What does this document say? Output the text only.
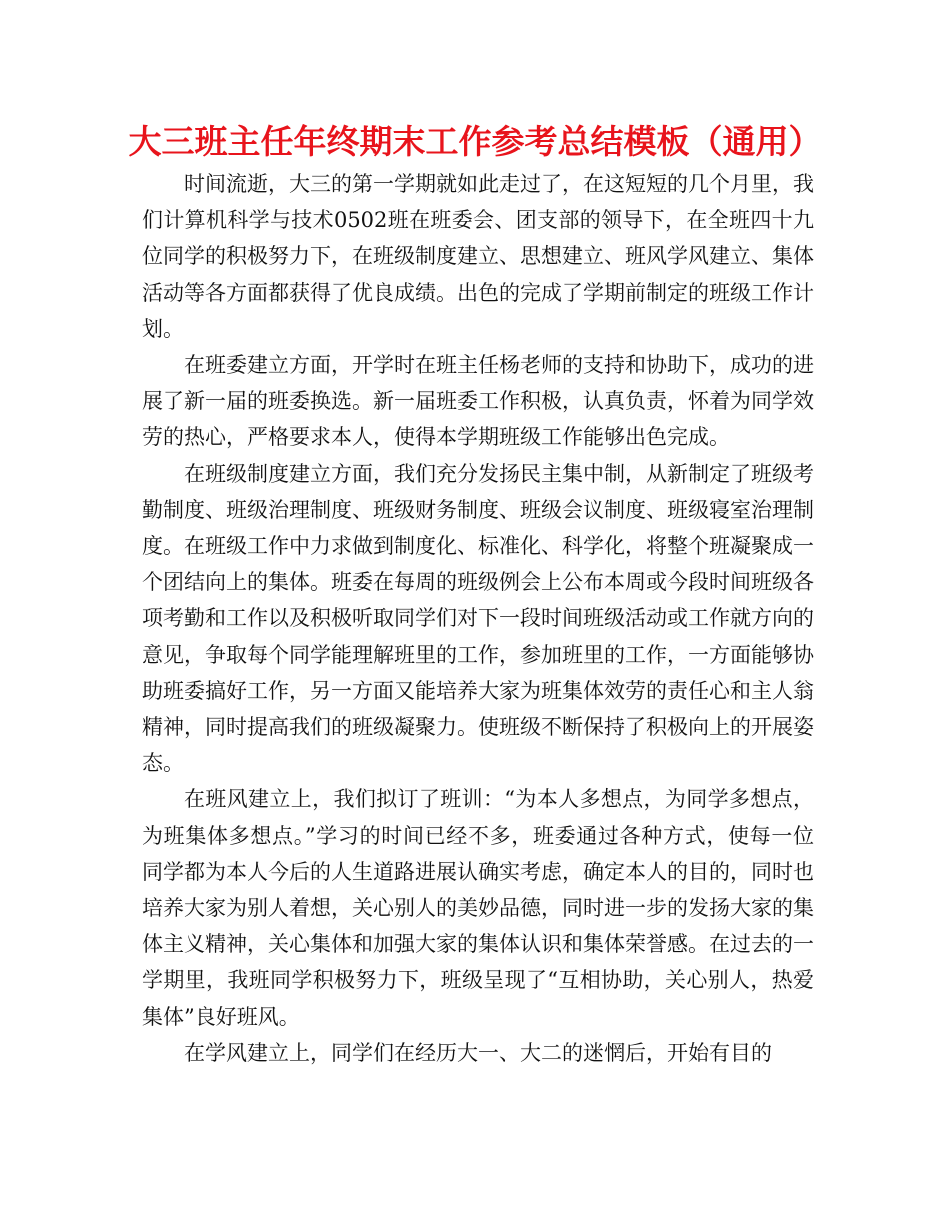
大三班主任年终期末工作参考总结模板（通用）

时间流逝，大三的第一学期就如此走过了，在这短短的几个月里，我们计算机科学与技术0502班在班委会、团支部的领导下，在全班四十九位同学的积极努力下，在班级制度建立、思想建立、班风学风建立、集体活动等各方面都获得了优良成绩。出色的完成了学期前制定的班级工作计划。

在班委建立方面，开学时在班主任杨老师的支持和协助下，成功的进展了新一届的班委换选。新一届班委工作积极，认真负责，怀着为同学效劳的热心，严格要求本人，使得本学期班级工作能够出色完成。

在班级制度建立方面，我们充分发扬民主集中制，从新制定了班级考勤制度、班级治理制度、班级财务制度、班级会议制度、班级寝室治理制度。在班级工作中力求做到制度化、标准化、科学化，将整个班凝聚成一个团结向上的集体。班委在每周的班级例会上公布本周或今段时间班级各项考勤和工作以及积极听取同学们对下一段时间班级活动或工作就方向的意见，争取每个同学能理解班里的工作，参加班里的工作，一方面能够协助班委搞好工作，另一方面又能培养大家为班集体效劳的责任心和主人翁精神，同时提高我们的班级凝聚力。使班级不断保持了积极向上的开展姿态。

在班风建立上，我们拟订了班训：“为本人多想点，为同学多想点，为班集体多想点。”学习的时间已经不多，班委通过各种方式，使每一位同学都为本人今后的人生道路进展认确实考虑，确定本人的目的，同时也培养大家为别人着想，关心别人的美妙品德，同时进一步的发扬大家的集体主义精神，关心集体和加强大家的集体认识和集体荣誉感。在过去的一学期里，我班同学积极努力下，班级呈现了“互相协助，关心别人，热爱集体”良好班风。

在学风建立上，同学们在经历大一、大二的迷惘后，开始有目的
